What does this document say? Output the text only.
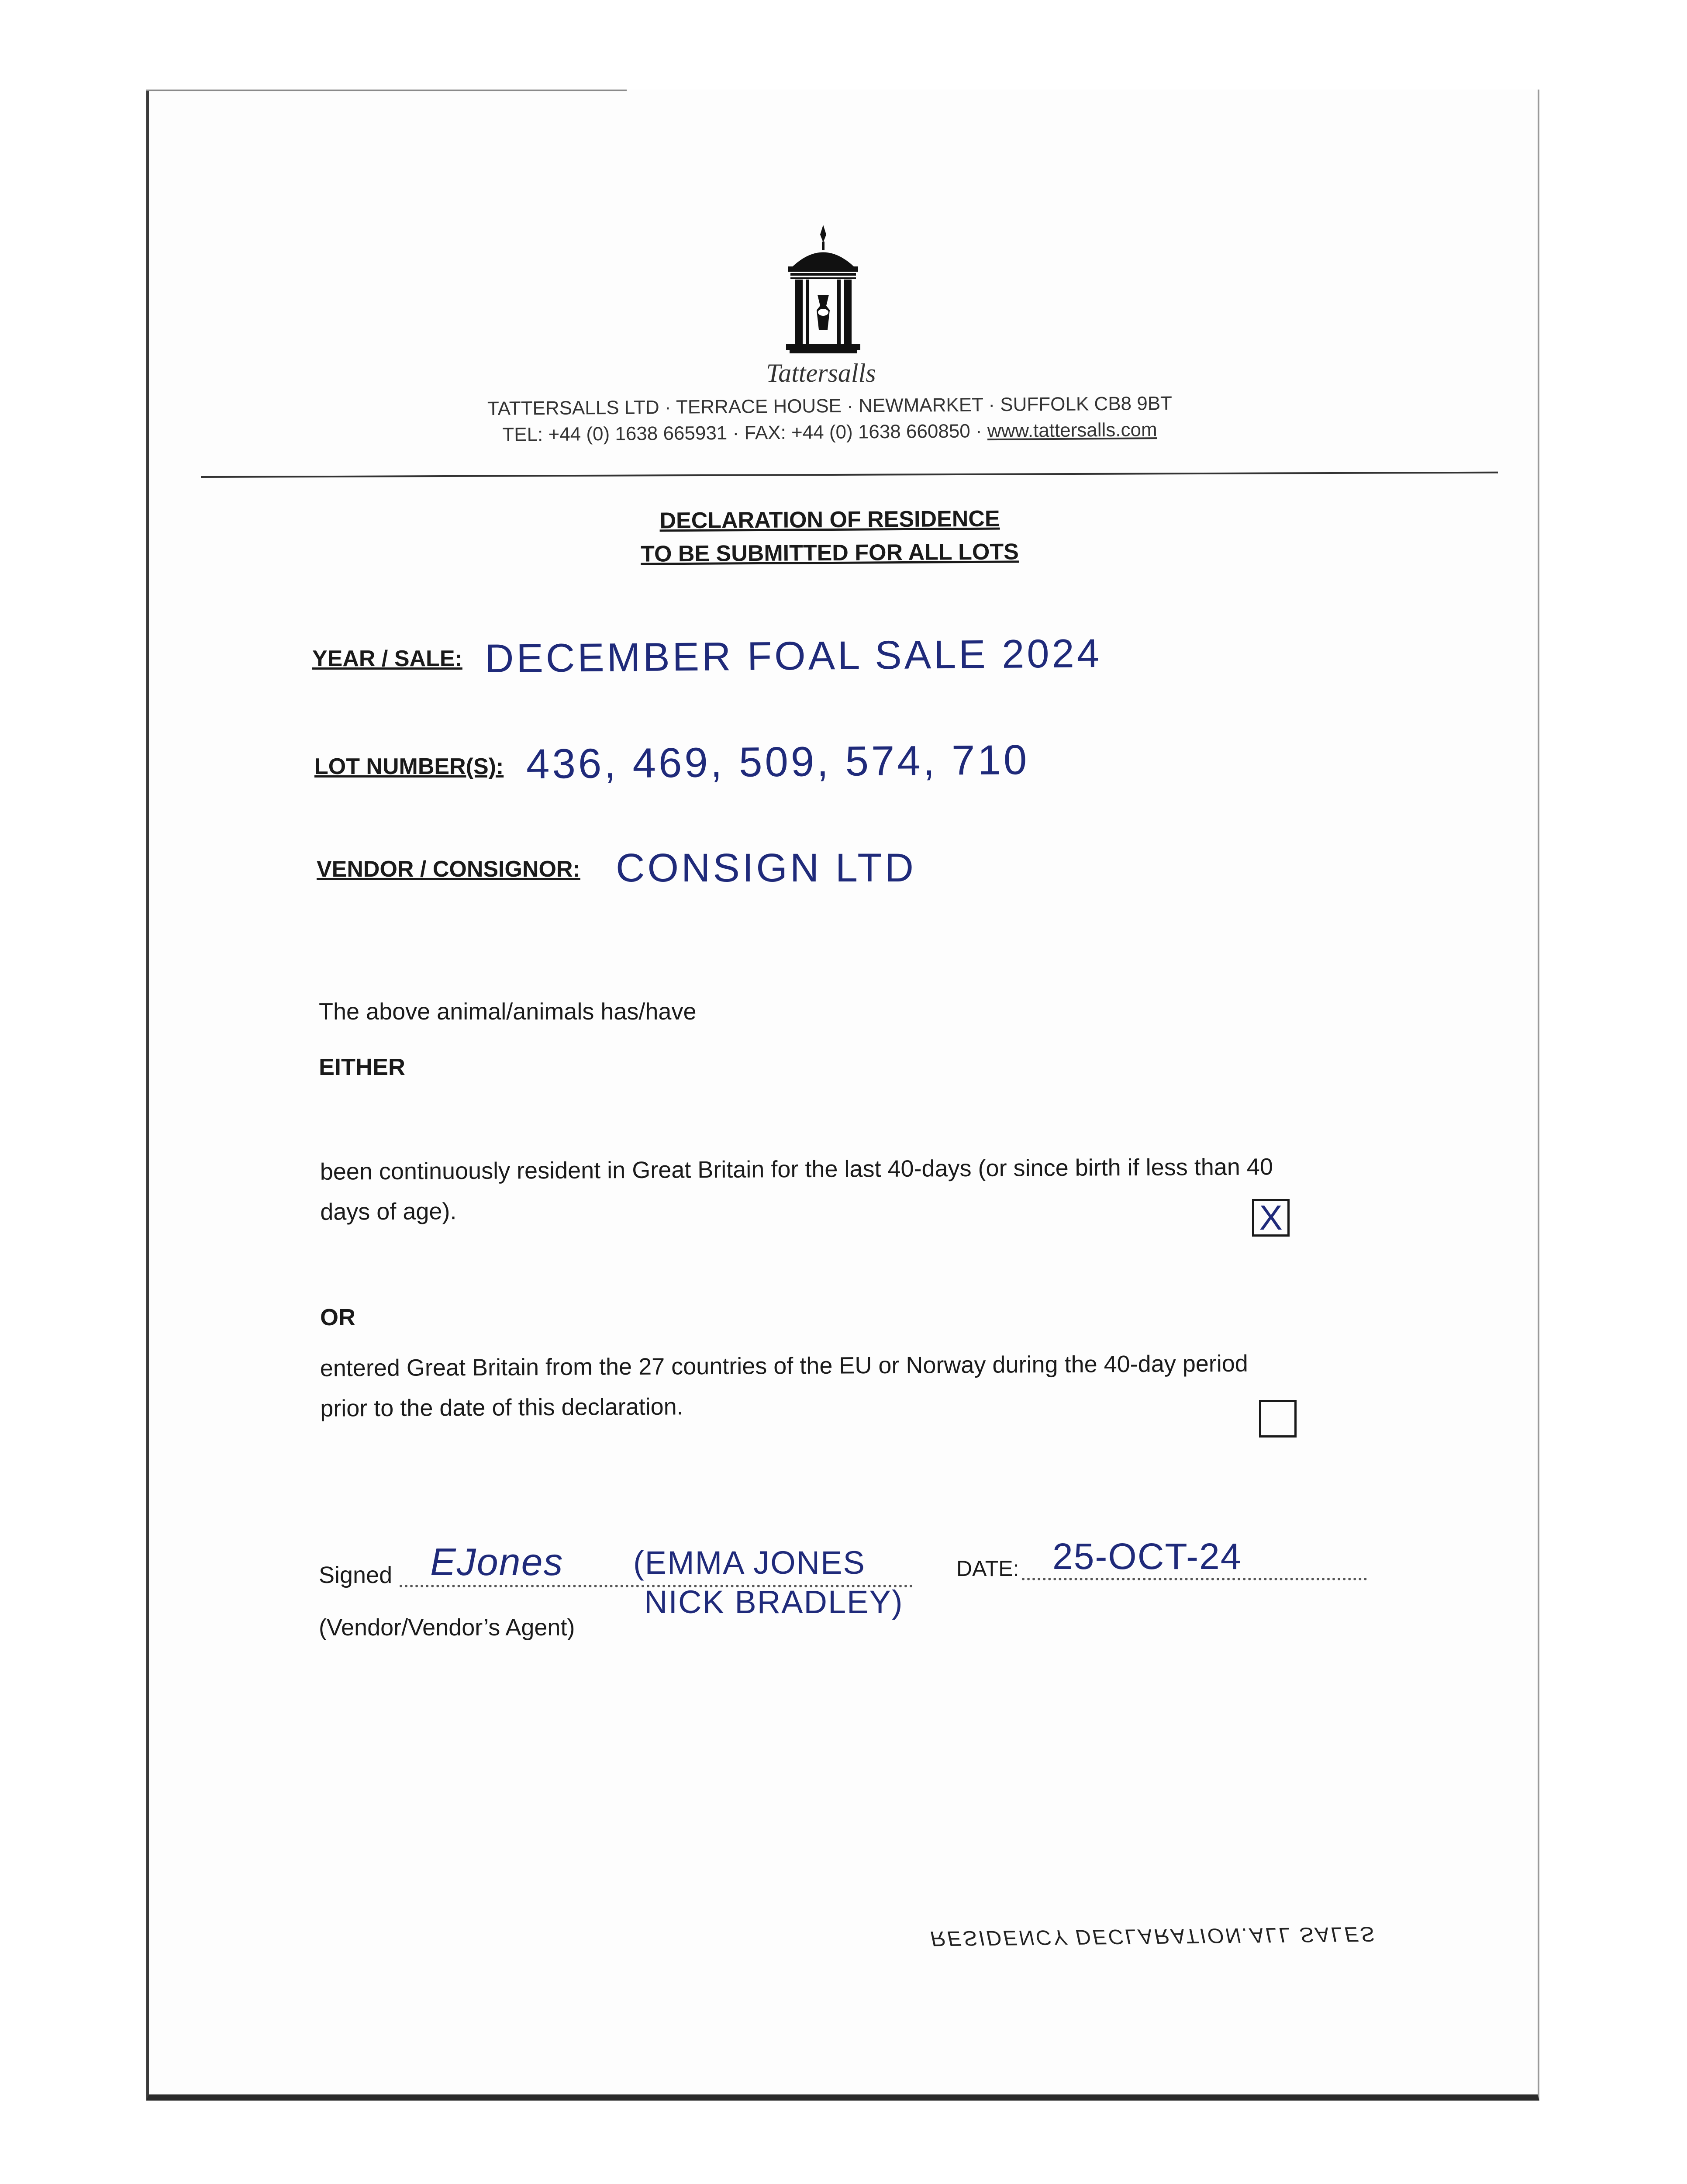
Tattersalls
TATTERSALLS LTD · TERRACE HOUSE · NEWMARKET · SUFFOLK CB8 9BT
TEL: +44 (0) 1638 665931 · FAX: +44 (0) 1638 660850 · www.tattersalls.com
DECLARATION OF RESIDENCE
TO BE SUBMITTED FOR ALL LOTS
YEAR / SALE: DECEMBER FOAL SALE 2024
LOT NUMBER(S): 436, 469, 509, 574, 710
VENDOR / CONSIGNOR: CONSIGN LTD
The above animal/animals has/have
EITHER
been continuously resident in Great Britain for the last 40-days (or since birth if less than 40
days of age).	X
OR
entered Great Britain from the 27 countries of the EU or Norway during the 40-day period
prior to the date of this declaration.
Signed EJones (EMMA JONES
NICK BRADLEY)
DATE: 25-OCT-24
(Vendor/Vendor’s Agent)
RESIDENCY DECLARATION.ALL SALES
